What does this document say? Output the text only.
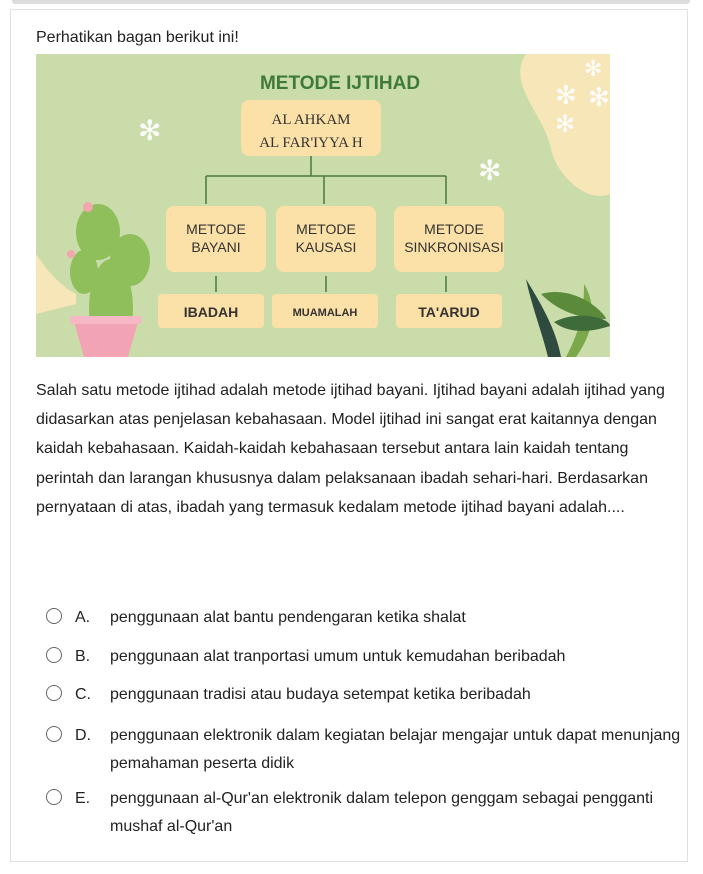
Perhatikan bagan berikut ini!
✻
✻
✻
✻
✻
✻
METODE IJTIHAD
AL AHKAM
AL FAR'IYYA H
METODE
BAYANI
METODE
KAUSASI
METODE
SINKRONISASI
IBADAH	MUAMALAH	TA'ARUD

Salah satu metode ijtihad adalah metode ijtihad bayani. Ijtihad bayani adalah ijtihad yang didasarkan atas penjelasan kebahasaan. Model ijtihad ini sangat erat kaitannya dengan kaidah kebahasaan. Kaidah-kaidah kebahasaan tersebut antara lain kaidah tentang perintah dan larangan khususnya dalam pelaksanaan ibadah sehari-hari. Berdasarkan pernyataan di atas, ibadah yang termasuk kedalam metode ijtihad bayani adalah....

A. penggunaan alat bantu pendengaran ketika shalat
B. penggunaan alat tranportasi umum untuk kemudahan beribadah
C. penggunaan tradisi atau budaya setempat ketika beribadah
D. penggunaan elektronik dalam kegiatan belajar mengajar untuk dapat menunjang pemahaman peserta didik
E. penggunaan al-Qur'an elektronik dalam telepon genggam sebagai pengganti mushaf al-Qur'an
